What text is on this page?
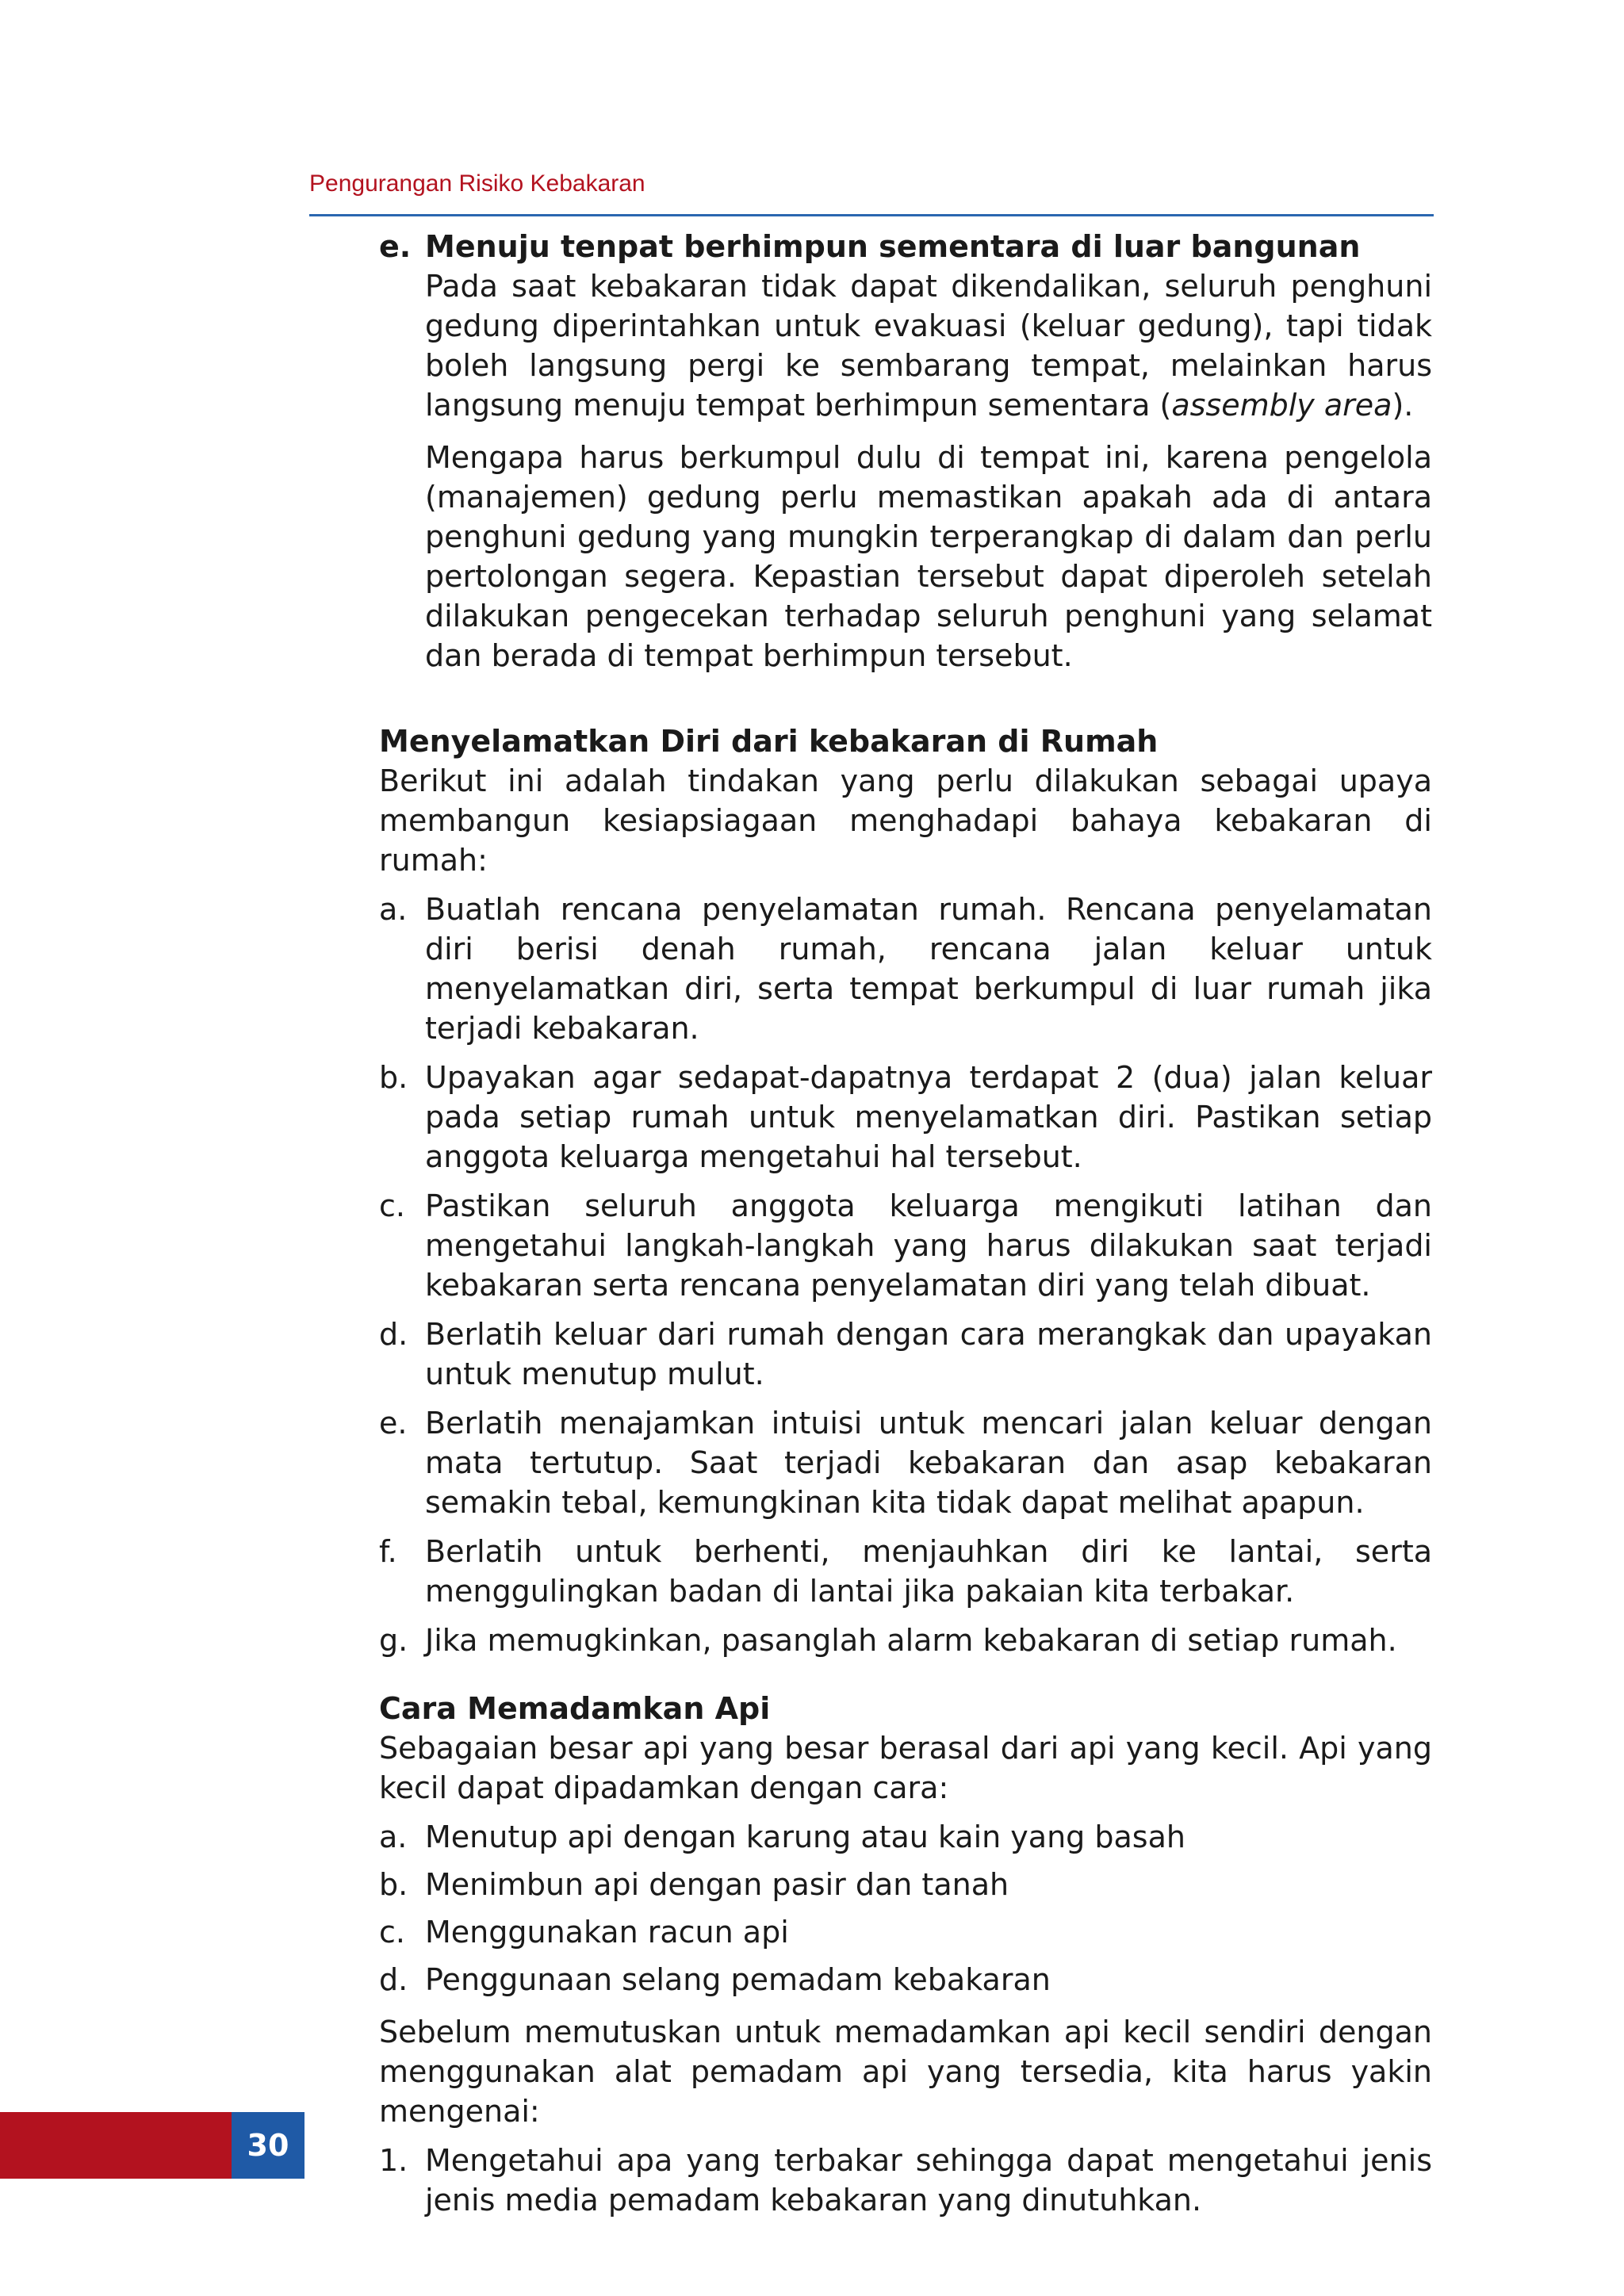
Pengurangan Risiko Kebakaran
e. Menuju tenpat berhimpun sementara di luar bangunan

Pada saat kebakaran tidak dapat dikendalikan, seluruh penghuni gedung diperintahkan untuk evakuasi (keluar gedung), tapi tidak boleh langsung pergi ke sembarang tempat, melainkan harus langsung menuju tempat berhimpun sementara (assembly area).

Mengapa harus berkumpul dulu di tempat ini, karena pengelola (manajemen) gedung perlu memastikan apakah ada di antara penghuni gedung yang mungkin terperangkap di dalam dan perlu pertolongan segera. Kepastian tersebut dapat diperoleh setelah dilakukan pengecekan terhadap seluruh penghuni yang selamat dan berada di tempat berhimpun tersebut.

Menyelamatkan Diri dari kebakaran di Rumah

Berikut ini adalah tindakan yang perlu dilakukan sebagai upaya membangun kesiapsiagaan menghadapi bahaya kebakaran di rumah:

a. Buatlah rencana penyelamatan rumah. Rencana penyelamatan diri berisi denah rumah, rencana jalan keluar untuk menyelamatkan diri, serta tempat berkumpul di luar rumah jika terjadi kebakaran.
b. Upayakan agar sedapat-dapatnya terdapat 2 (dua) jalan keluar pada setiap rumah untuk menyelamatkan diri. Pastikan setiap anggota keluarga mengetahui hal tersebut.
c. Pastikan seluruh anggota keluarga mengikuti latihan dan mengetahui langkah-langkah yang harus dilakukan saat terjadi kebakaran serta rencana penyelamatan diri yang telah dibuat.
d. Berlatih keluar dari rumah dengan cara merangkak dan upayakan untuk menutup mulut.
e. Berlatih menajamkan intuisi untuk mencari jalan keluar dengan mata tertutup. Saat terjadi kebakaran dan asap kebakaran semakin tebal, kemungkinan kita tidak dapat melihat apapun.
f. Berlatih untuk berhenti, menjauhkan diri ke lantai, serta menggulingkan badan di lantai jika pakaian kita terbakar.
g. Jika memugkinkan, pasanglah alarm kebakaran di setiap rumah.
Cara Memadamkan Api

Sebagaian besar api yang besar berasal dari api yang kecil. Api yang kecil dapat dipadamkan dengan cara:

a. Menutup api dengan karung atau kain yang basah
b. Menimbun api dengan pasir dan tanah
c. Menggunakan racun api
d. Penggunaan selang pemadam kebakaran

Sebelum memutuskan untuk memadamkan api kecil sendiri dengan menggunakan alat pemadam api yang tersedia, kita harus yakin mengenai:

1. Mengetahui apa yang terbakar sehingga dapat mengetahui jenis jenis media pemadam kebakaran yang dinutuhkan.
30
